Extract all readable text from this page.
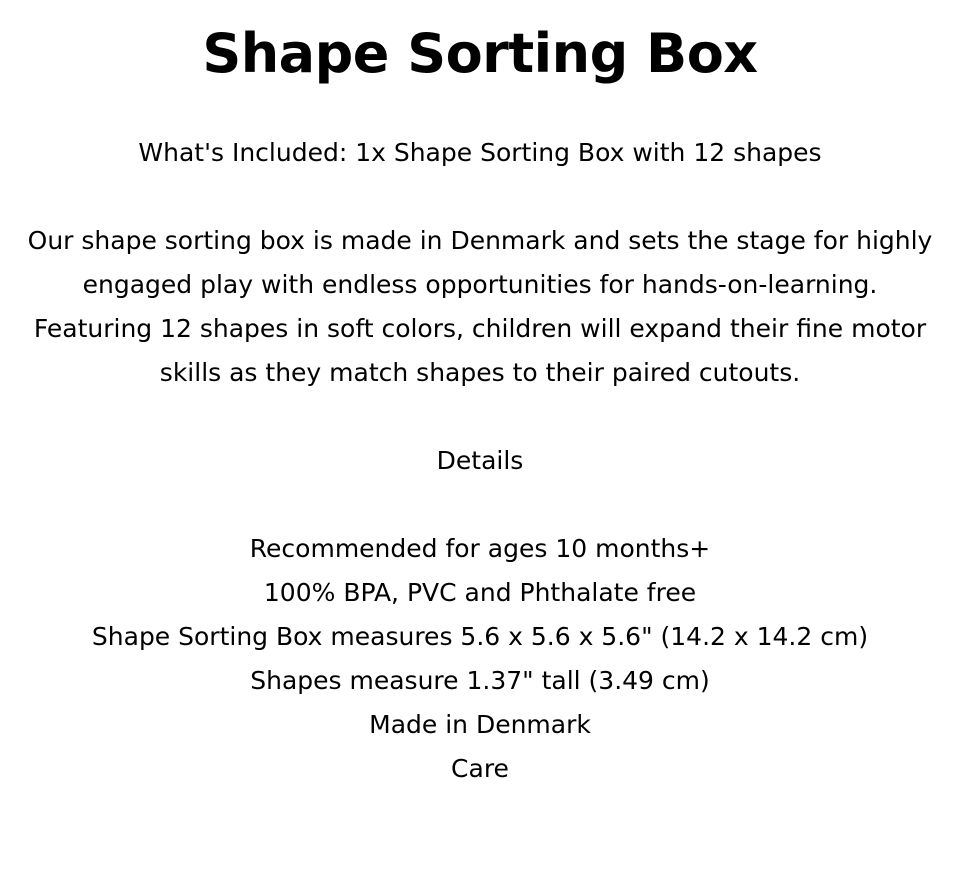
Shape Sorting Box

What's Included: 1x Shape Sorting Box with 12 shapes

Our shape sorting box is made in Denmark and sets the stage for highly engaged play with endless opportunities for hands-on-learning. Featuring 12 shapes in soft colors, children will expand their fine motor skills as they match shapes to their paired cutouts.

Details

Recommended for ages 10 months+
100% BPA, PVC and Phthalate free
Shape Sorting Box measures 5.6 x 5.6 x 5.6" (14.2 x 14.2 cm)
Shapes measure 1.37" tall (3.49 cm)
Made in Denmark
Care
